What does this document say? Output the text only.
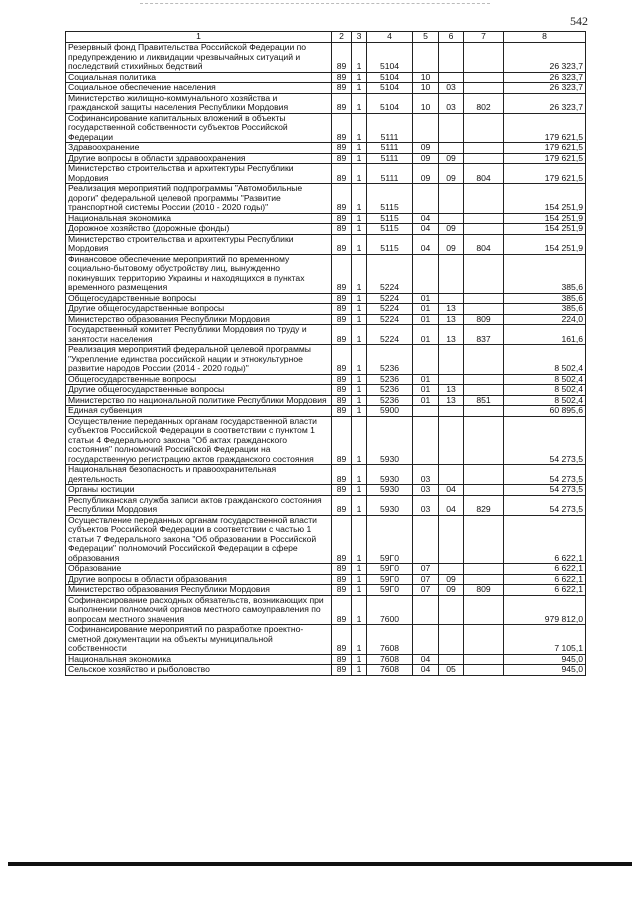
542
1	2	3	4	5	6	7	8
Резервный фонд Правительства Российской Федерации по предупреждению и ликвидации чрезвычайных ситуаций и последствий стихийных бедствий	89	1	5104				26 323,7
Социальная политика	89	1	5104	10			26 323,7
Социальное обеспечение населения	89	1	5104	10	03		26 323,7
Министерство жилищно-коммунального хозяйства и гражданской защиты населения Республики Мордовия	89	1	5104	10	03	802	26 323,7
Софинансирование капитальных вложений в объекты государственной собственности субъектов Российской Федерации	89	1	5111				179 621,5
Здравоохранение	89	1	5111	09			179 621,5
Другие вопросы в области здравоохранения	89	1	5111	09	09		179 621,5
Министерство строительства и архитектуры Республики Мордовия	89	1	5111	09	09	804	179 621,5
Реализация мероприятий подпрограммы "Автомобильные дороги" федеральной целевой программы "Развитие транспортной системы России (2010 - 2020 годы)"	89	1	5115				154 251,9
Национальная экономика	89	1	5115	04			154 251,9
Дорожное хозяйство (дорожные фонды)	89	1	5115	04	09		154 251,9
Министерство строительства и архитектуры Республики Мордовия	89	1	5115	04	09	804	154 251,9
Финансовое обеспечение мероприятий по временному социально-бытовому обустройству лиц, вынужденно покинувших территорию Украины и находящихся в пунктах временного размещения	89	1	5224				385,6
Общегосударственные вопросы	89	1	5224	01			385,6
Другие общегосударственные вопросы	89	1	5224	01	13		385,6
Министерство образования Республики Мордовия	89	1	5224	01	13	809	224,0
Государственный комитет Республики Мордовия по труду и занятости населения	89	1	5224	01	13	837	161,6
Реализация мероприятий федеральной целевой программы "Укрепление единства российской нации и этнокультурное развитие народов России (2014 - 2020 годы)"	89	1	5236				8 502,4
Общегосударственные вопросы	89	1	5236	01			8 502,4
Другие общегосударственные вопросы	89	1	5236	01	13		8 502,4
Министерство по национальной политике Республики Мордовия	89	1	5236	01	13	851	8 502,4
Единая субвенция	89	1	5900				60 895,6
Осуществление переданных органам государственной власти субъектов Российской Федерации в соответствии с пунктом 1 статьи 4 Федерального закона "Об актах гражданского состояния" полномочий Российской Федерации на государственную регистрацию актов гражданского состояния	89	1	5930				54 273,5
Национальная безопасность и правоохранительная деятельность	89	1	5930	03			54 273,5
Органы юстиции	89	1	5930	03	04		54 273,5
Республиканская служба записи актов гражданского состояния Республики Мордовия	89	1	5930	03	04	829	54 273,5
Осуществление переданных органам государственной власти субъектов Российской Федерации в соответствии с частью 1 статьи 7 Федерального закона "Об образовании в Российской Федерации" полномочий Российской Федерации в сфере образования	89	1	59Г0				6 622,1
Образование	89	1	59Г0	07			6 622,1
Другие вопросы в области образования	89	1	59Г0	07	09		6 622,1
Министерство образования Республики Мордовия	89	1	59Г0	07	09	809	6 622,1
Софинансирование расходных обязательств, возникающих при выполнении полномочий органов местного самоуправления по вопросам местного значения	89	1	7600				979 812,0
Софинансирование мероприятий по разработке проектно-сметной документации на объекты муниципальной собственности	89	1	7608				7 105,1
Национальная экономика	89	1	7608	04			945,0
Сельское хозяйство и рыболовство	89	1	7608	04	05		945,0
